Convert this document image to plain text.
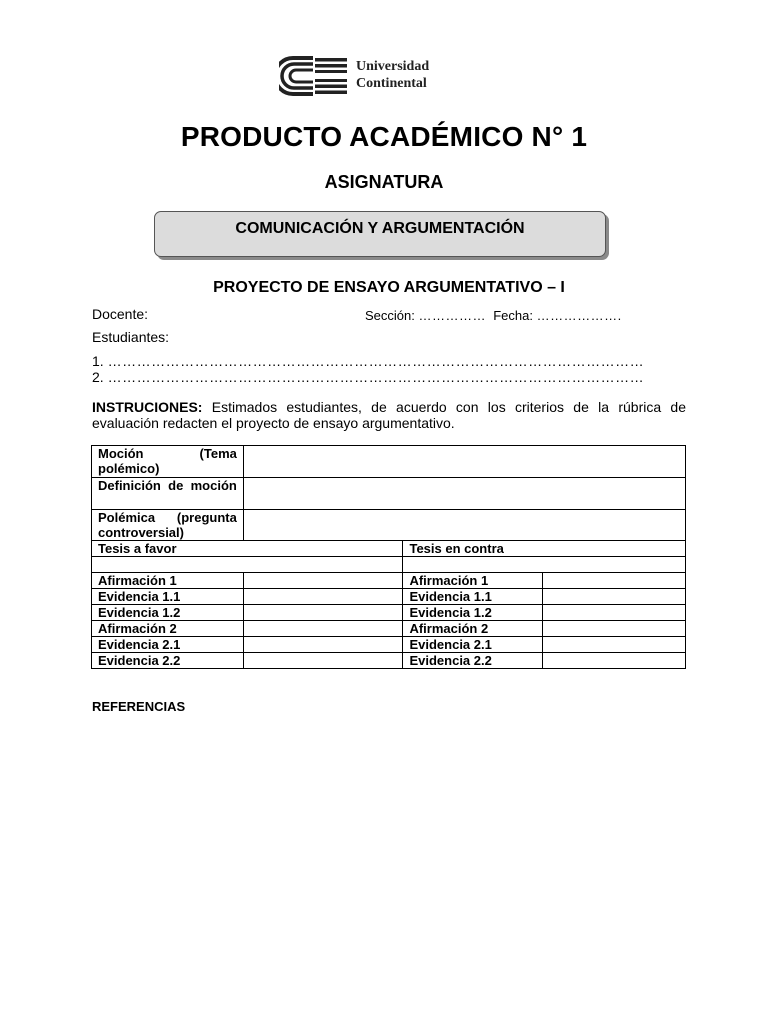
Universidad
Continental
PRODUCTO ACADÉMICO N° 1
ASIGNATURA
COMUNICACIÓN Y ARGUMENTACIÓN
PROYECTO DE ENSAYO ARGUMENTATIVO – I
Docente:	Sección: …………… Fecha: ……………….
Estudiantes:
1. …………………………………………………………………………………………………
2. …………………………………………………………………………………………………
INSTRUCIONES: Estimados estudiantes, de acuerdo con los criterios de la rúbrica de evaluación redacten el proyecto de ensayo argumentativo.
Moción (Tema polémico)			
Definición de moción			
Polémica (pregunta controversial)			
Tesis a favor		Tesis en contra	

Afirmación 1		Afirmación 1	
Evidencia 1.1		Evidencia 1.1	
Evidencia 1.2		Evidencia 1.2	
Afirmación 2		Afirmación 2	
Evidencia 2.1		Evidencia 2.1	
Evidencia 2.2		Evidencia 2.2	
REFERENCIAS
